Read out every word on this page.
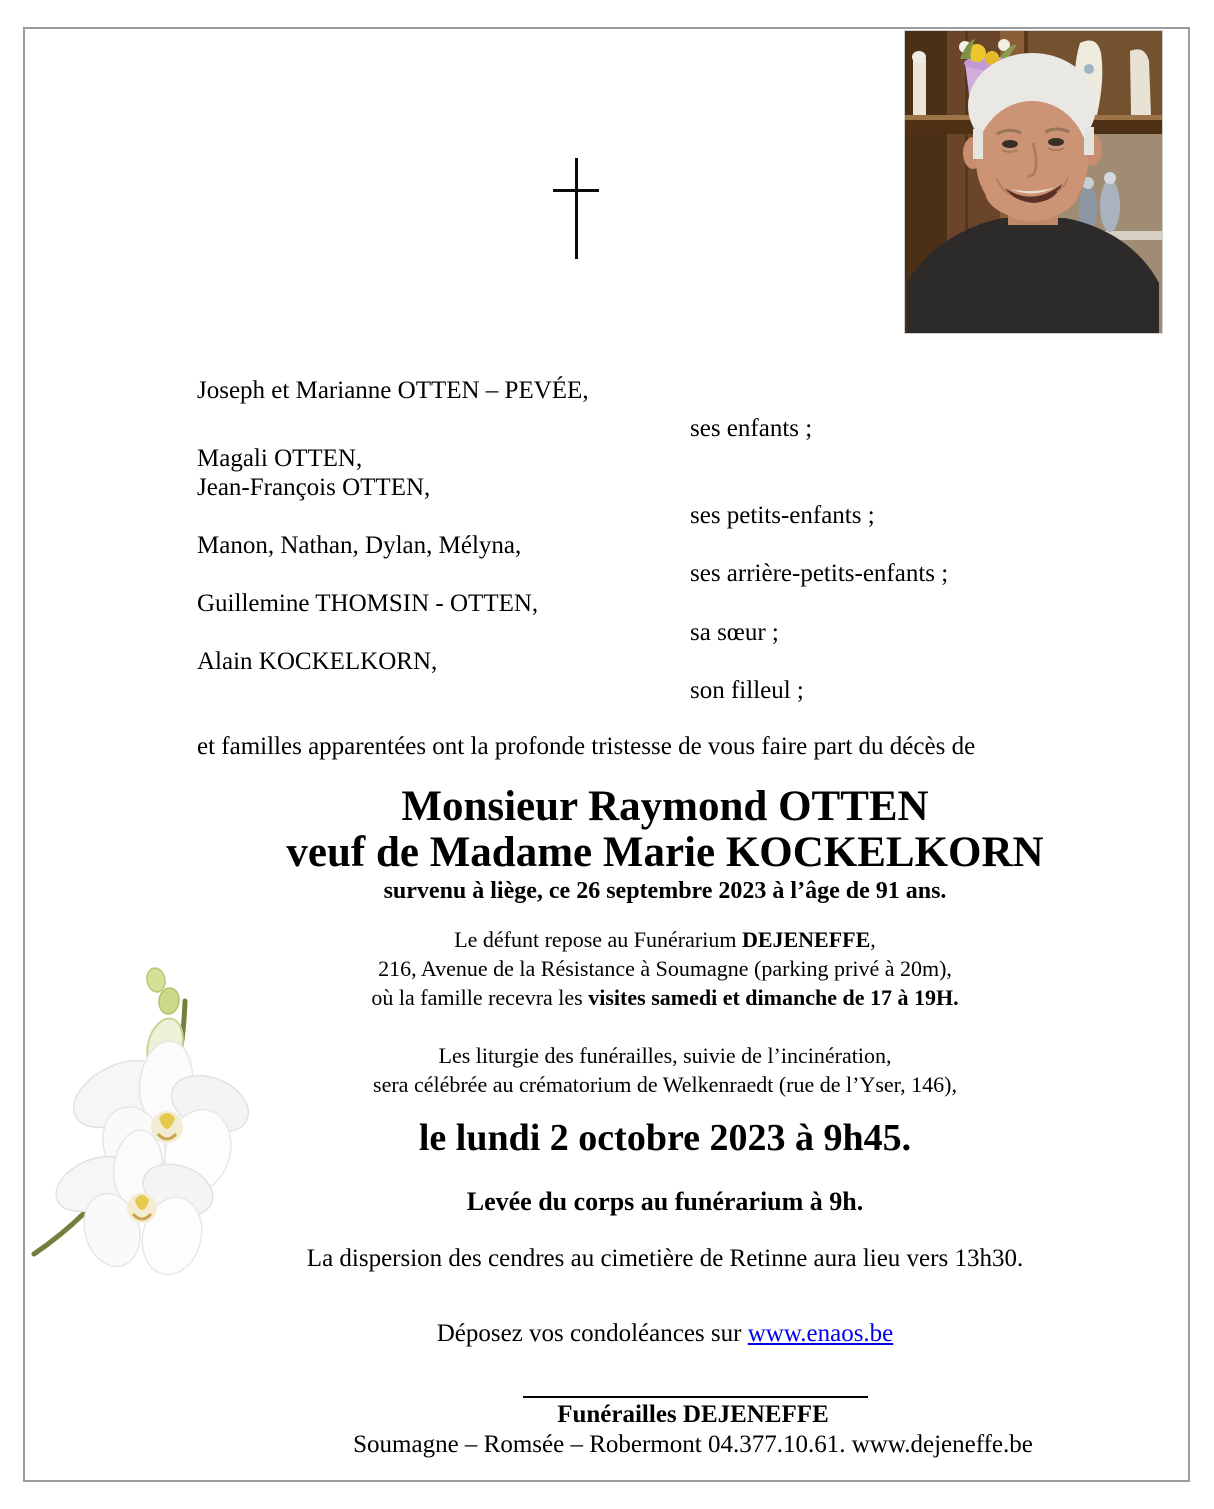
Joseph et Marianne OTTEN – PEVÉE,
Magali OTTEN,
Jean-François OTTEN,
Manon, Nathan, Dylan, Mélyna,
Guillemine THOMSIN - OTTEN,
Alain KOCKELKORN,
ses enfants ;
ses petits-enfants ;
ses arrière-petits-enfants ;
sa sœur ;
son filleul ;
et familles apparentées ont la profonde tristesse de vous faire part du décès de
Monsieur Raymond OTTEN
veuf de Madame Marie KOCKELKORN
survenu à liège, ce 26 septembre 2023 à l’âge de 91 ans.
Le défunt repose au Funérarium DEJENEFFE,
216, Avenue de la Résistance à Soumagne (parking privé à 20m),
où la famille recevra les visites samedi et dimanche de 17 à 19H.
Les liturgie des funérailles, suivie de l’incinération,
sera célébrée au crématorium de Welkenraedt (rue de l’Yser, 146),
le lundi 2 octobre 2023 à 9h45.
Levée du corps au funérarium à 9h.
La dispersion des cendres au cimetière de Retinne aura lieu vers 13h30.
Déposez vos condoléances sur www.enaos.be
Funérailles DEJENEFFE
Soumagne – Romsée – Robermont 04.377.10.61. www.dejeneffe.be
